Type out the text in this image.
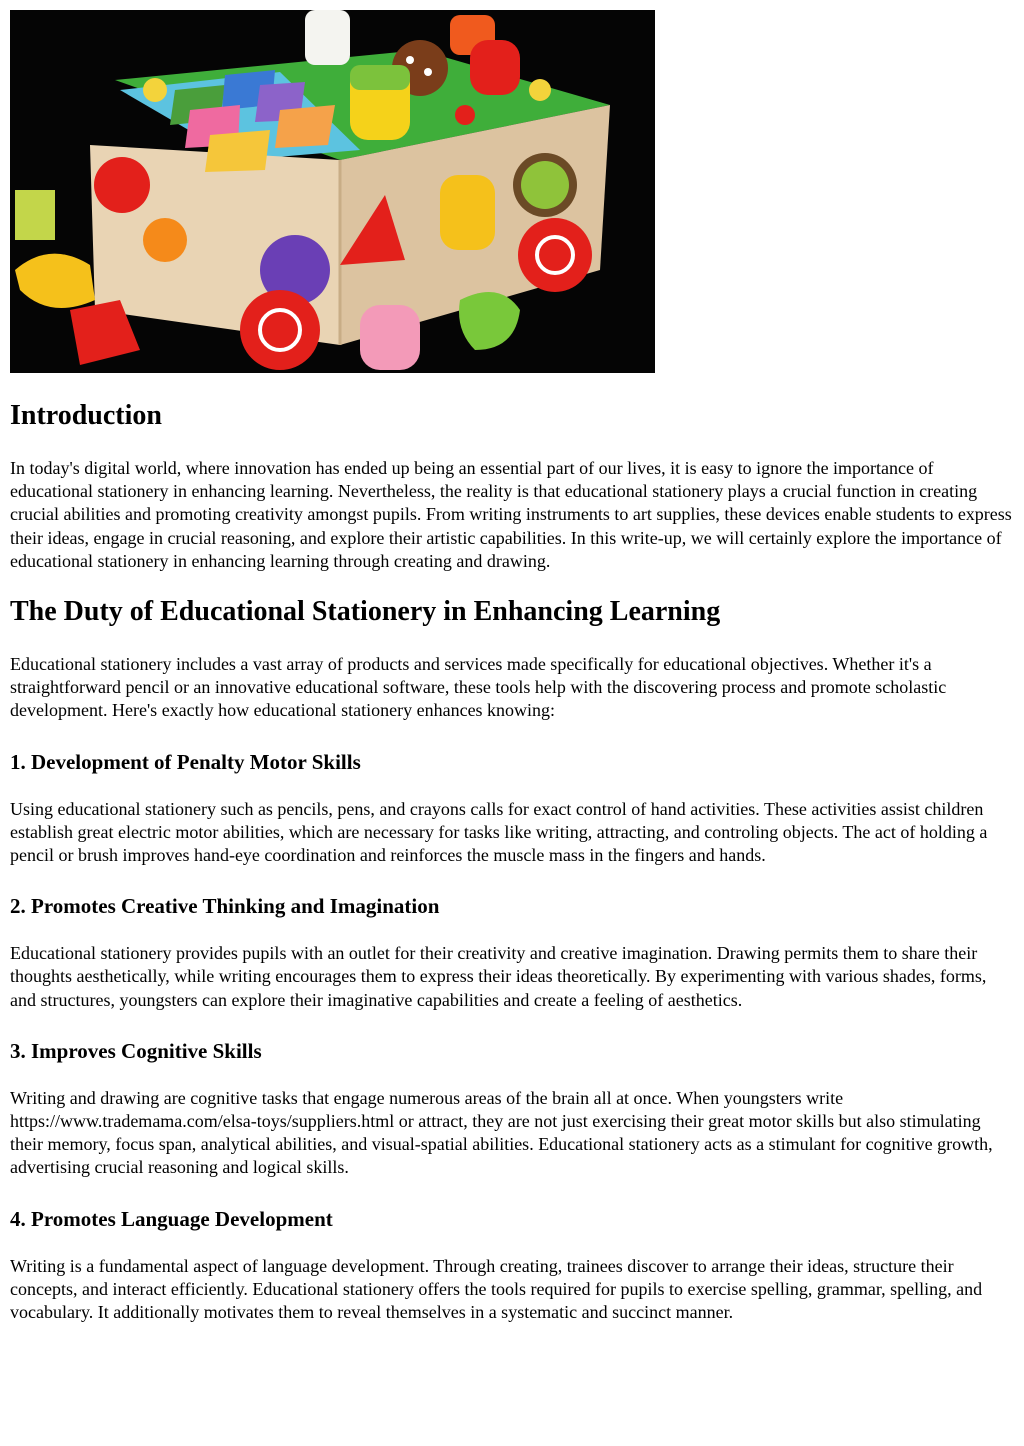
Introduction

In today's digital world, where innovation has ended up being an essential part of our lives, it is easy to ignore the importance of educational stationery in enhancing learning. Nevertheless, the reality is that educational stationery plays a crucial function in creating crucial abilities and promoting creativity amongst pupils. From writing instruments to art supplies, these devices enable students to express their ideas, engage in crucial reasoning, and explore their artistic capabilities. In this write-up, we will certainly explore the importance of educational stationery in enhancing learning through creating and drawing.

The Duty of Educational Stationery in Enhancing Learning

Educational stationery includes a vast array of products and services made specifically for educational objectives. Whether it's a straightforward pencil or an innovative educational software, these tools help with the discovering process and promote scholastic development. Here's exactly how educational stationery enhances knowing:

1. Development of Penalty Motor Skills

Using educational stationery such as pencils, pens, and crayons calls for exact control of hand activities. These activities assist children establish great electric motor abilities, which are necessary for tasks like writing, attracting, and controling objects. The act of holding a pencil or brush improves hand-eye coordination and reinforces the muscle mass in the fingers and hands.

2. Promotes Creative Thinking and Imagination

Educational stationery provides pupils with an outlet for their creativity and creative imagination. Drawing permits them to share their thoughts aesthetically, while writing encourages them to express their ideas theoretically. By experimenting with various shades, forms, and structures, youngsters can explore their imaginative capabilities and create a feeling of aesthetics.

3. Improves Cognitive Skills

Writing and drawing are cognitive tasks that engage numerous areas of the brain all at once. When youngsters write https://www.trademama.com/elsa-toys/suppliers.html or attract, they are not just exercising their great motor skills but also stimulating their memory, focus span, analytical abilities, and visual-spatial abilities. Educational stationery acts as a stimulant for cognitive growth, advertising crucial reasoning and logical skills.

4. Promotes Language Development

Writing is a fundamental aspect of language development. Through creating, trainees discover to arrange their ideas, structure their concepts, and interact efficiently. Educational stationery offers the tools required for pupils to exercise spelling, grammar, spelling, and vocabulary. It additionally motivates them to reveal themselves in a systematic and succinct manner.
